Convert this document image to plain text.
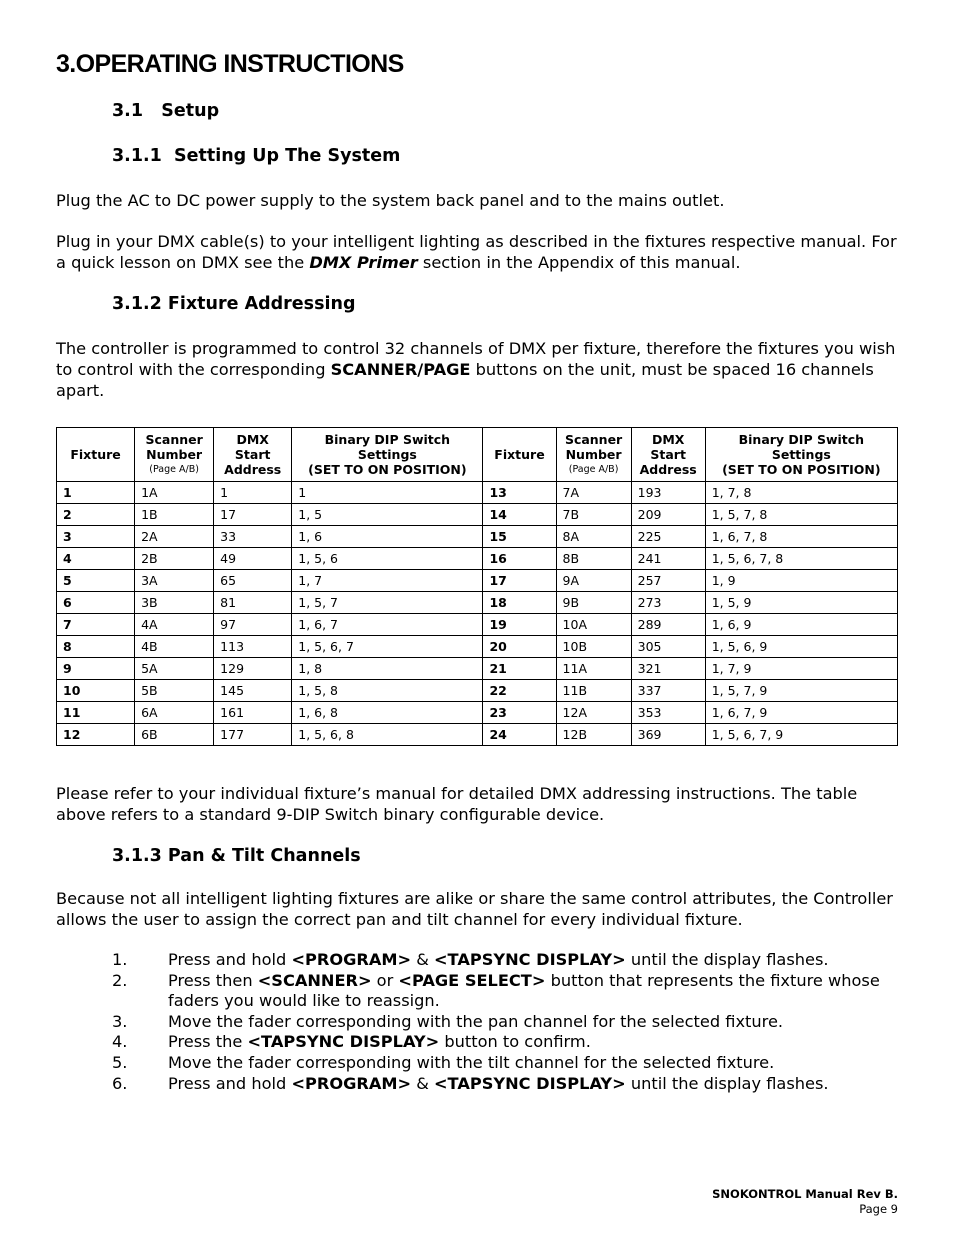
3.OPERATING INSTRUCTIONS
3.1   Setup
3.1.1  Setting Up The System
Plug the AC to DC power supply to the system back panel and to the mains outlet.
Plug in your DMX cable(s) to your intelligent lighting as described in the fixtures respective manual. For a quick lesson on DMX see the DMX Primer section in the Appendix of this manual.
3.1.2 Fixture Addressing
The controller is programmed to control 32 channels of DMX per fixture, therefore the fixtures you wish to control with the corresponding SCANNER/PAGE buttons on the unit, must be spaced 16 channels apart.
Fixture	Scanner
Number
(Page A/B)	DMX
Start
Address	Binary DIP Switch
Settings
(SET TO ON POSITION)	Fixture	Scanner
Number
(Page A/B)	DMX
Start
Address	Binary DIP Switch
Settings
(SET TO ON POSITION)
1	1A	1	1	13	7A	193	1, 7, 8
2	1B	17	1, 5	14	7B	209	1, 5, 7, 8
3	2A	33	1, 6	15	8A	225	1, 6, 7, 8
4	2B	49	1, 5, 6	16	8B	241	1, 5, 6, 7, 8
5	3A	65	1, 7	17	9A	257	1, 9
6	3B	81	1, 5, 7	18	9B	273	1, 5, 9
7	4A	97	1, 6, 7	19	10A	289	1, 6, 9
8	4B	113	1, 5, 6, 7	20	10B	305	1, 5, 6, 9
9	5A	129	1, 8	21	11A	321	1, 7, 9
10	5B	145	1, 5, 8	22	11B	337	1, 5, 7, 9
11	6A	161	1, 6, 8	23	12A	353	1, 6, 7, 9
12	6B	177	1, 5, 6, 8	24	12B	369	1, 5, 6, 7, 9
Please refer to your individual fixture’s manual for detailed DMX addressing instructions. The table above refers to a standard 9-DIP Switch binary configurable device.
3.1.3 Pan & Tilt Channels
Because not all intelligent lighting fixtures are alike or share the same control attributes, the Controller allows the user to assign the correct pan and tilt channel for every individual fixture.
1.	Press and hold <PROGRAM> & <TAPSYNC DISPLAY> until the display flashes.
2.	Press then <SCANNER> or <PAGE SELECT> button that represents the fixture whose faders you would like to reassign.
3.	Move the fader corresponding with the pan channel for the selected fixture.
4.	Press the <TAPSYNC DISPLAY> button to confirm.
5.	Move the fader corresponding with the tilt channel for the selected fixture.
6.	Press and hold <PROGRAM> & <TAPSYNC DISPLAY> until the display flashes.
SNOKONTROL Manual Rev B.
Page 9
